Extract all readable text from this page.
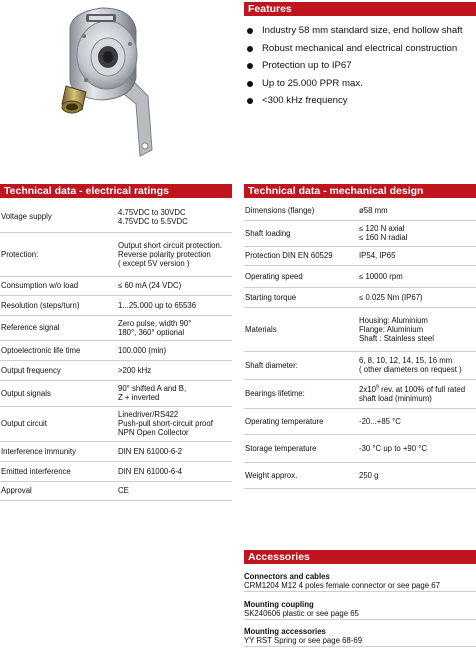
Features
Industry 58 mm standard size, end hollow shaft
Robust mechanical and electrical construction
Protection up to IP67
Up to 25.000 PPR max.
<300 kHz frequency
Technical data - electrical ratings
Voltage supply	4.75VDC to 30VDC
4.75VDC to 5.5VDC
Protection:	Output short circuit protection.
Reverse polarity protection
( except 5V version )
Consumption w/o load	≤ 60 mA (24 VDC)
Resolution (steps/turn)	1...25.000 up to 65536
Reference signal	Zero pulse, width 90°
180°, 360° optional
Optoelectronic life time	100.000 (min)
Output frequency	>200 kHz
Output signals	90° shifted A and B,
Z + inverted
Output circuit	Linedriver/RS422
Push-pull short-circuit proof
NPN Open Collector
Interference immunity	DIN EN 61000-6-2
Emitted interference	DIN EN 61000-6-4
Approval	CE
Technical data - mechanical design
Dimensions (flange)	ø58 mm
Shaft loading	≤ 120 N axial
≤ 160 N radial
Protection DIN EN 60529	IP54, IP65
Operating speed	≤ 10000 rpm
Starting torque	≤ 0.025 Nm (IP67)
Materials	Housing: Aluminium
Flange: Aluminium
Shaft : Stainless steel
Shaft diameter:	6, 8, 10, 12, 14, 15, 16 mm
( other diameters on request )
Bearings lifetime:	$2x10^9$ rev. at 100% of full rated
shaft load (minimum)
Operating temperature	-20...+85 °C
Storage temperature	-30 °C up to +90 °C
Weight approx.	250 g
Accessories
Connectors and cables
CRM1204 M12 4 poles female connector or see page 67
Mounting coupling
SK240606 plastic or see page 65
Mounting accessories
YY RST Spring or see page 68-69
